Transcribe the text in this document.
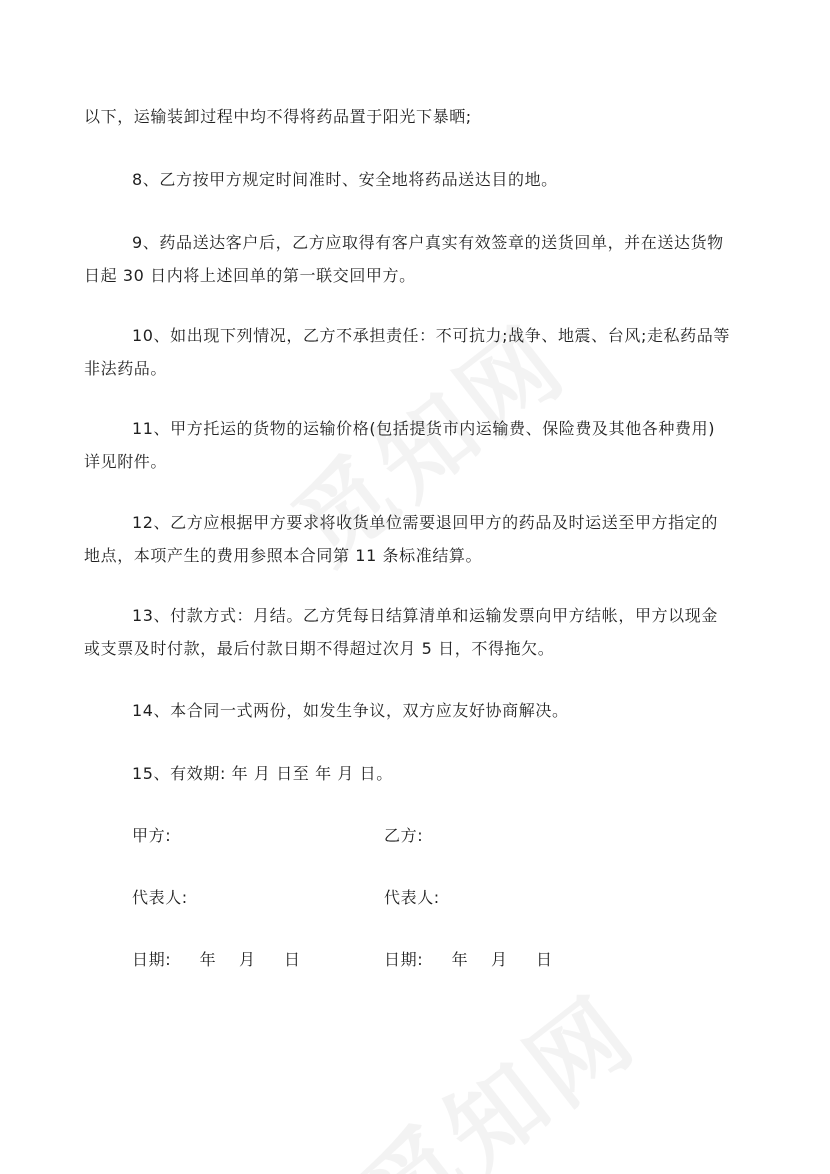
以下，运输装卸过程中均不得将药品置于阳光下暴晒;

8、乙方按甲方规定时间准时、安全地将药品送达目的地。

9、药品送达客户后，乙方应取得有客户真实有效签章的送货回单，并在送达货物
日起 30 日内将上述回单的第一联交回甲方。

10、如出现下列情况，乙方不承担责任：不可抗力;战争、地震、台风;走私药品等
非法药品。

11、甲方托运的货物的运输价格(包括提货市内运输费、保险费及其他各种费用)
详见附件。

12、乙方应根据甲方要求将收货单位需要退回甲方的药品及时运送至甲方指定的
地点，本项产生的费用参照本合同第 11 条标准结算。

13、付款方式：月结。乙方凭每日结算清单和运输发票向甲方结帐，甲方以现金
或支票及时付款，最后付款日期不得超过次月 5 日，不得拖欠。

14、本合同一式两份，如发生争议，双方应友好协商解决。

15、有效期: 年 月 日至 年 月 日。

甲方:	乙方:
代表人:	代表人:
日期:     年    月     日	日期:     年    月     日
